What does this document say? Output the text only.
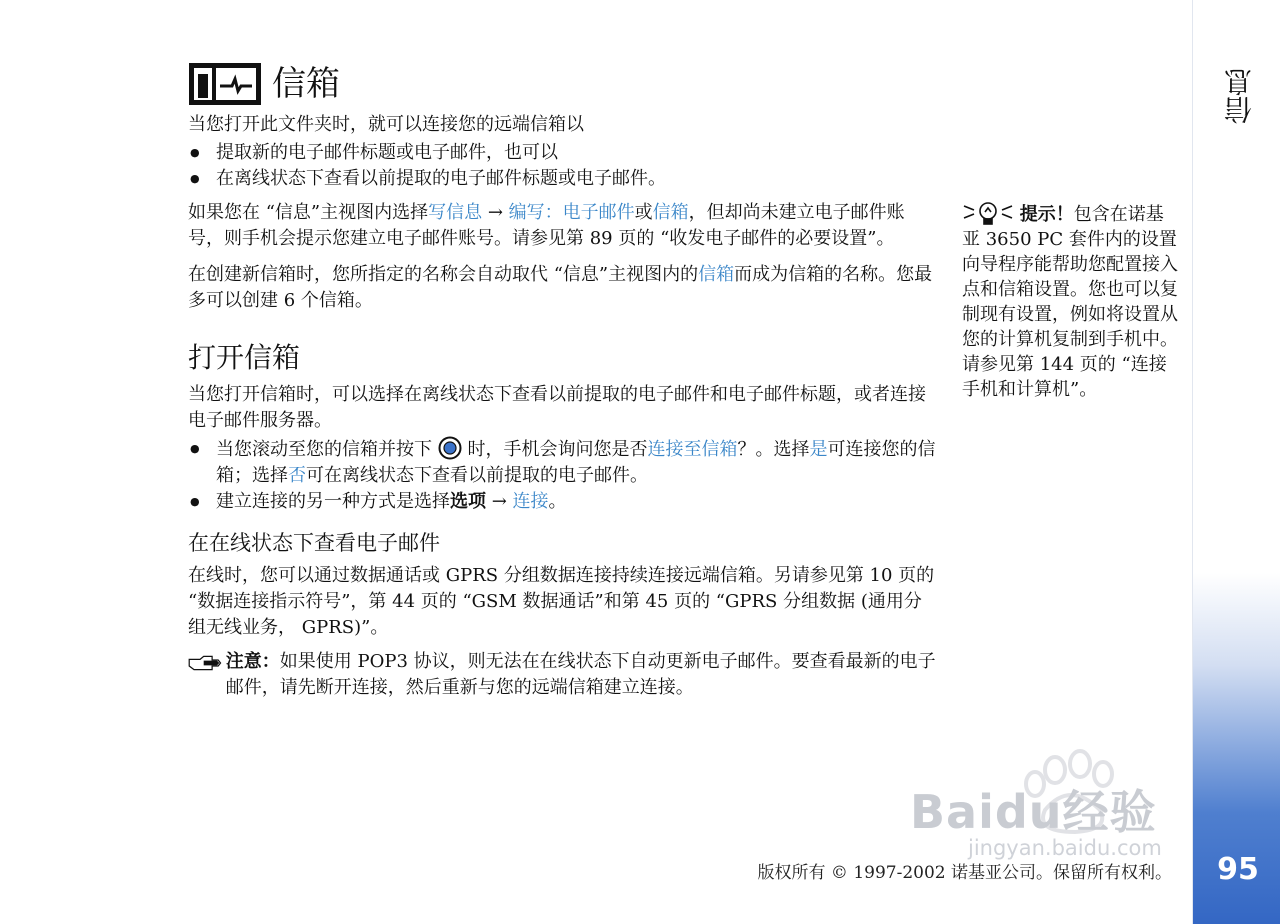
信息
信箱

当您打开此文件夹时，就可以连接您的远端信箱以

● 提取新的电子邮件标题或电子邮件，也可以
● 在离线状态下查看以前提取的电子邮件标题或电子邮件。

如果您在 “信息”主视图内选择写信息 → 编写：电子邮件或信箱，但却尚未建立电子邮件账号，则手机会提示您建立电子邮件账号。请参见第 89 页的 “收发电子邮件的必要设置”。

在创建新信箱时，您所指定的名称会自动取代 “信息”主视图内的信箱而成为信箱的名称。您最多可以创建 6 个信箱。

打开信箱

当您打开信箱时，可以选择在离线状态下查看以前提取的电子邮件和电子邮件标题，或者连接电子邮件服务器。

● 当您滚动至您的信箱并按下 时，手机会询问您是否连接至信箱？。选择是可连接您的信箱；选择否可在离线状态下查看以前提取的电子邮件。
● 建立连接的另一种方式是选择选项 → 连接。
在在线状态下查看电子邮件

在线时，您可以通过数据通话或 GPRS 分组数据连接持续连接远端信箱。另请参见第 10 页的 “数据连接指示符号”，第 44 页的 “GSM 数据通话”和第 45 页的 “GPRS 分组数据 (通用分组无线业务， GPRS)”。

注意：如果使用 POP3 协议，则无法在在线状态下自动更新电子邮件。要查看最新的电子邮件，请先断开连接，然后重新与您的远端信箱建立连接。
提示！包含在诺基亚 3650 PC 套件内的设置向导程序能帮助您配置接入点和信箱设置。您也可以复制现有设置，例如将设置从您的计算机复制到手机中。请参见第 144 页的 “连接手机和计算机”。
Baidu经验
jingyan.baidu.com
版权所有 © 1997-2002 诺基亚公司。保留所有权利。	95
